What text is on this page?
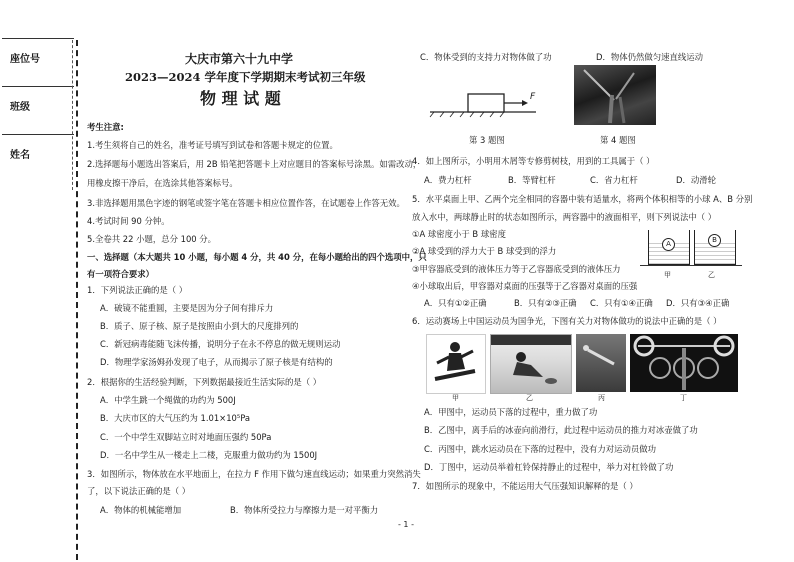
座位号
班级
姓名
大庆市第六十九中学
2023—2024 学年度下学期期末考试初三年级
物 理 试 题
考生注意:
1.考生须将自己的姓名，准考证号填写到试卷和答题卡规定的位置。
2.选择题每小题选出答案后，用 2B 铅笔把答题卡上对应题目的答案标号涂黑。如需改动，
用橡皮擦干净后，在选涂其他答案标号。
3.非选择题用黑色字迹的钢笔或签字笔在答题卡相应位置作答，在试题卷上作答无效。
4.考试时间 90 分钟。
5.全卷共 22 小题，总分 100 分。
一、选择题（本大题共 10 小题，每小题 4 分，共 40 分，在每小题给出的四个选项中，只
有一项符合要求）
1．下列说法正确的是（ ）
A．破镜不能重圆，主要是因为分子间有排斥力
B．质子、原子核、原子是按照由小到大的尺度排列的
C．新冠病毒能随飞沫传播，说明分子在永不停息的做无规则运动
D．物理学家汤姆孙发现了电子，从而揭示了原子核是有结构的
2．根据你的生活经验判断，下列数据最接近生活实际的是（ ）
A．中学生跳一个绳做的功约为 500J
B．大庆市区的大气压约为 1.01×10⁵Pa
C．一个中学生双脚站立时对地面压强约 50Pa
D．一名中学生从一楼走上二楼，克服重力做功约为 1500J
3．如图所示，物体放在水平地面上，在拉力 F 作用下做匀速直线运动；如果重力突然消失
了，以下说法正确的是（ ）
A．物体的机械能增加	B．物体所受拉力与摩擦力是一对平衡力
C．物体受到的支持力对物体做了功	D．物体仍然做匀速直线运动
F
第 3 题图	第 4 题图
4．如上图所示，小明用木屑等专修剪树枝，用到的工具属于（ ）
A．费力杠杆	B．等臂杠杆	C．省力杠杆	D．动滑轮
5．水平桌面上甲、乙两个完全相同的容器中装有适量水，将两个体积相等的小球 A、B 分别
放入水中，两球静止时的状态如图所示，两容器中的液面相平，则下列说法中（ ）
①A 球密度小于 B 球密度
②A 球受到的浮力大于 B 球受到的浮力
③甲容器底受到的液体压力等于乙容器底受到的液体压力
④小球取出后，甲容器对桌面的压强等于乙容器对桌面的压强
A	B
甲	乙
A．只有①②正确	B．只有②③正确 C．只有①④正确 D．只有③④正确
6．运动赛场上中国运动员为国争光，下图有关力对物体做功的说法中正确的是（ ）
甲	乙	丙	丁
A．甲图中，运动员下落的过程中，重力做了功
B．乙图中，离手后的冰壶向前滑行，此过程中运动员的推力对冰壶做了功
C．丙图中，跳水运动员在下落的过程中，没有力对运动员做功
D．丁图中，运动员举着杠铃保持静止的过程中，举力对杠铃做了功
7．如图所示的现象中，不能运用大气压强知识解释的是（ ）
- 1 -
